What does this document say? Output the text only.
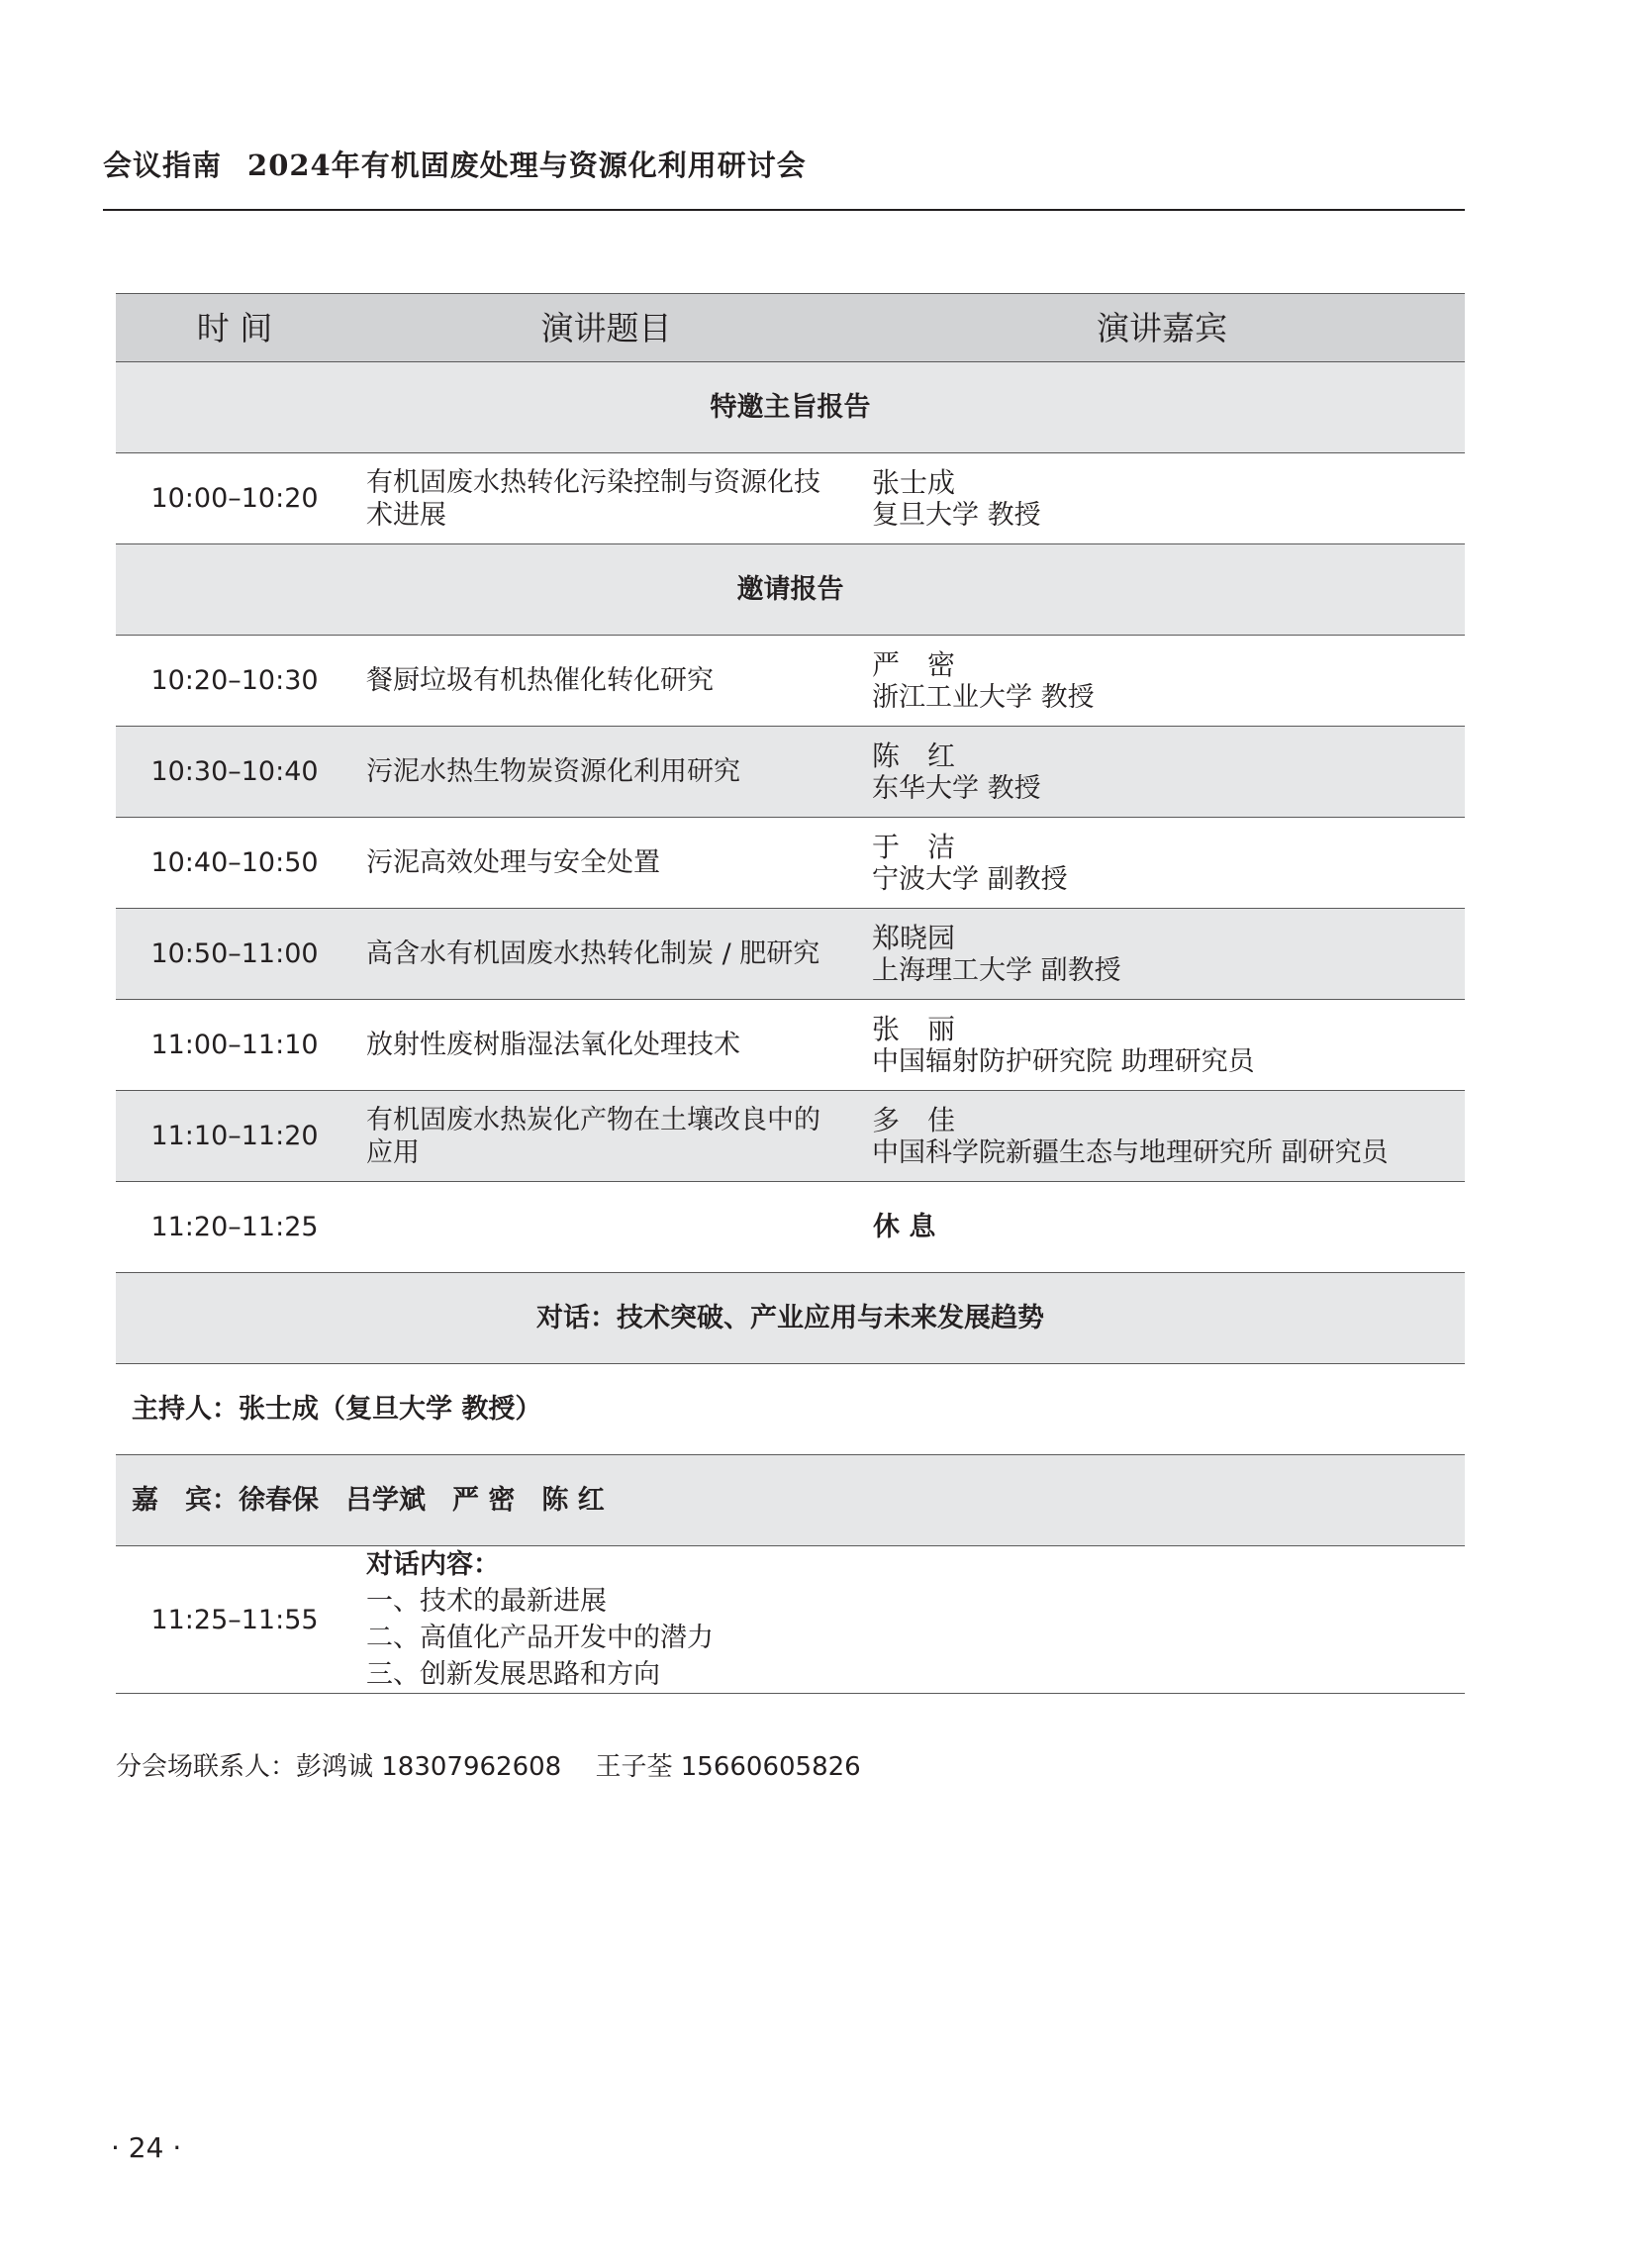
会议指南 2024年有机固废处理与资源化利用研讨会
时 间	演讲题目	演讲嘉宾
特邀主旨报告		
10:00–10:20	有机固废水热转化污染控制与资源化技术进展	张士成
复旦大学 教授

邀请报告		
10:20–10:30	餐厨垃圾有机热催化转化研究	严　密
浙江工业大学 教授

10:30–10:40	污泥水热生物炭资源化利用研究	陈　红
东华大学 教授

10:40–10:50	污泥高效处理与安全处置	于　洁
宁波大学 副教授

10:50–11:00	高含水有机固废水热转化制炭 / 肥研究	郑晓园
上海理工大学 副教授

11:00–11:10	放射性废树脂湿法氧化处理技术	张　丽
中国辐射防护研究院 助理研究员

11:10–11:20	有机固废水热炭化产物在土壤改良中的应用	多　佳
中国科学院新疆生态与地理研究所 副研究员

11:20–11:25		休 息
对话：技术突破、产业应用与未来发展趋势		
主持人：张士成（复旦大学 教授）		
嘉　宾：徐春保　吕学斌　严 密　陈 红		
11:25–11:55	对话内容：
一、技术的最新进展
二、高值化产品开发中的潜力
三、创新发展思路和方向	
分会场联系人：彭鸿诚 18307962608　 王子荃 15660605826
· 24 ·
